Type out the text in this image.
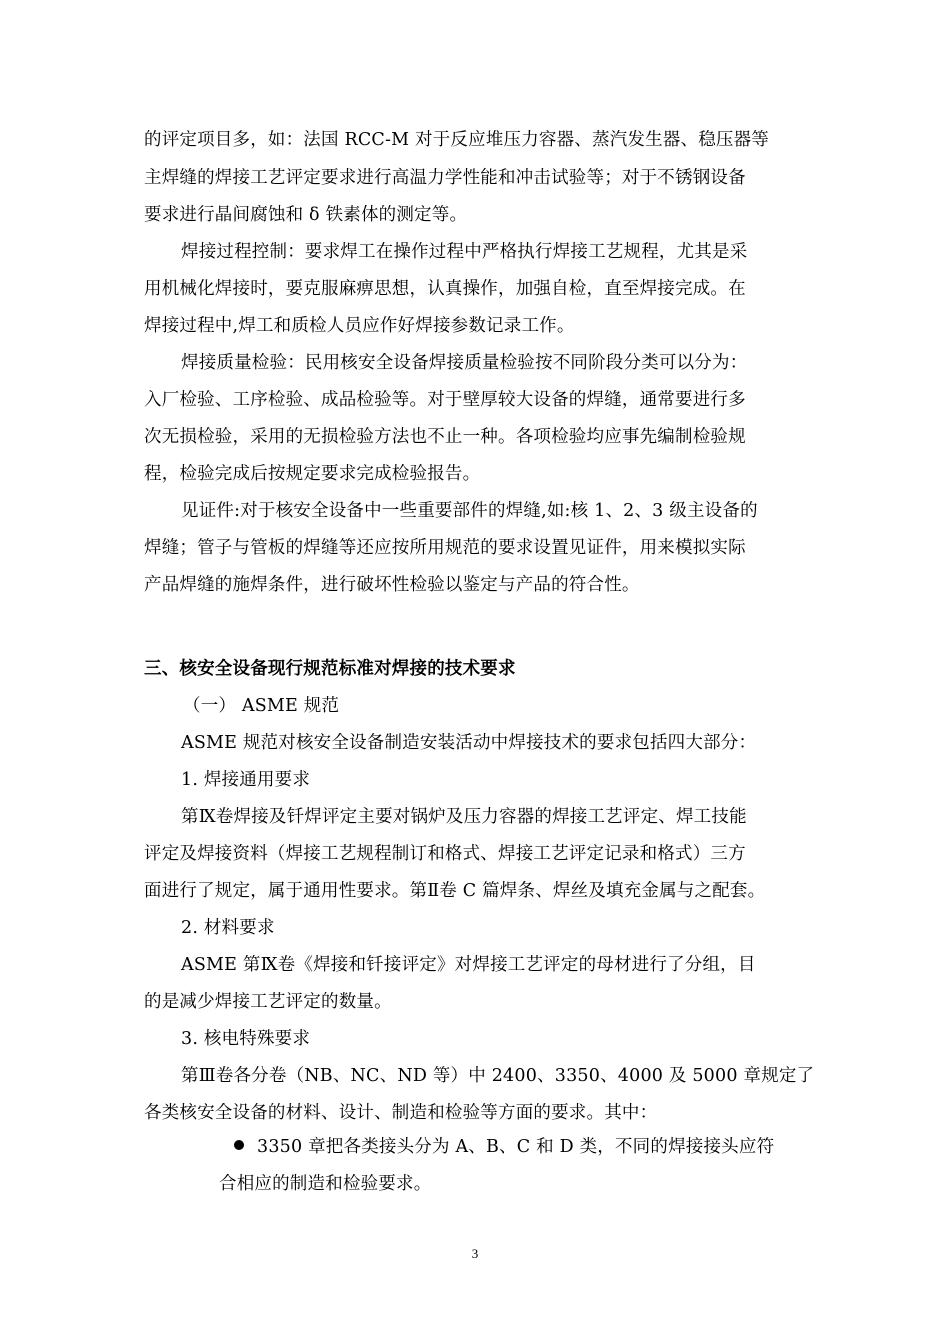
的评定项目多，如：法国 RCC-M 对于反应堆压力容器、蒸汽发生器、稳压器等
主焊缝的焊接工艺评定要求进行高温力学性能和冲击试验等；对于不锈钢设备
要求进行晶间腐蚀和 δ 铁素体的测定等。
焊接过程控制：要求焊工在操作过程中严格执行焊接工艺规程，尤其是采
用机械化焊接时，要克服麻痹思想，认真操作，加强自检，直至焊接完成。在
焊接过程中,焊工和质检人员应作好焊接参数记录工作。
焊接质量检验：民用核安全设备焊接质量检验按不同阶段分类可以分为：
入厂检验、工序检验、成品检验等。对于壁厚较大设备的焊缝，通常要进行多
次无损检验，采用的无损检验方法也不止一种。各项检验均应事先编制检验规
程，检验完成后按规定要求完成检验报告。
见证件:对于核安全设备中一些重要部件的焊缝,如:核 1、2、3 级主设备的
焊缝；管子与管板的焊缝等还应按所用规范的要求设置见证件，用来模拟实际
产品焊缝的施焊条件，进行破坏性检验以鉴定与产品的符合性。
三、核安全设备现行规范标准对焊接的技术要求
（一） ASME 规范
ASME 规范对核安全设备制造安装活动中焊接技术的要求包括四大部分：
1. 焊接通用要求
第Ⅸ卷焊接及钎焊评定主要对锅炉及压力容器的焊接工艺评定、焊工技能
评定及焊接资料（焊接工艺规程制订和格式、焊接工艺评定记录和格式）三方
面进行了规定，属于通用性要求。第Ⅱ卷 C 篇焊条、焊丝及填充金属与之配套。
2. 材料要求
ASME 第Ⅸ卷《焊接和钎接评定》对焊接工艺评定的母材进行了分组，目
的是减少焊接工艺评定的数量。
3. 核电特殊要求
第Ⅲ卷各分卷（NB、NC、ND 等）中 2400、3350、4000 及 5000 章规定了
各类核安全设备的材料、设计、制造和检验等方面的要求。其中：
3350 章把各类接头分为 A、B、C 和 D 类，不同的焊接接头应符
合相应的制造和检验要求。
3
